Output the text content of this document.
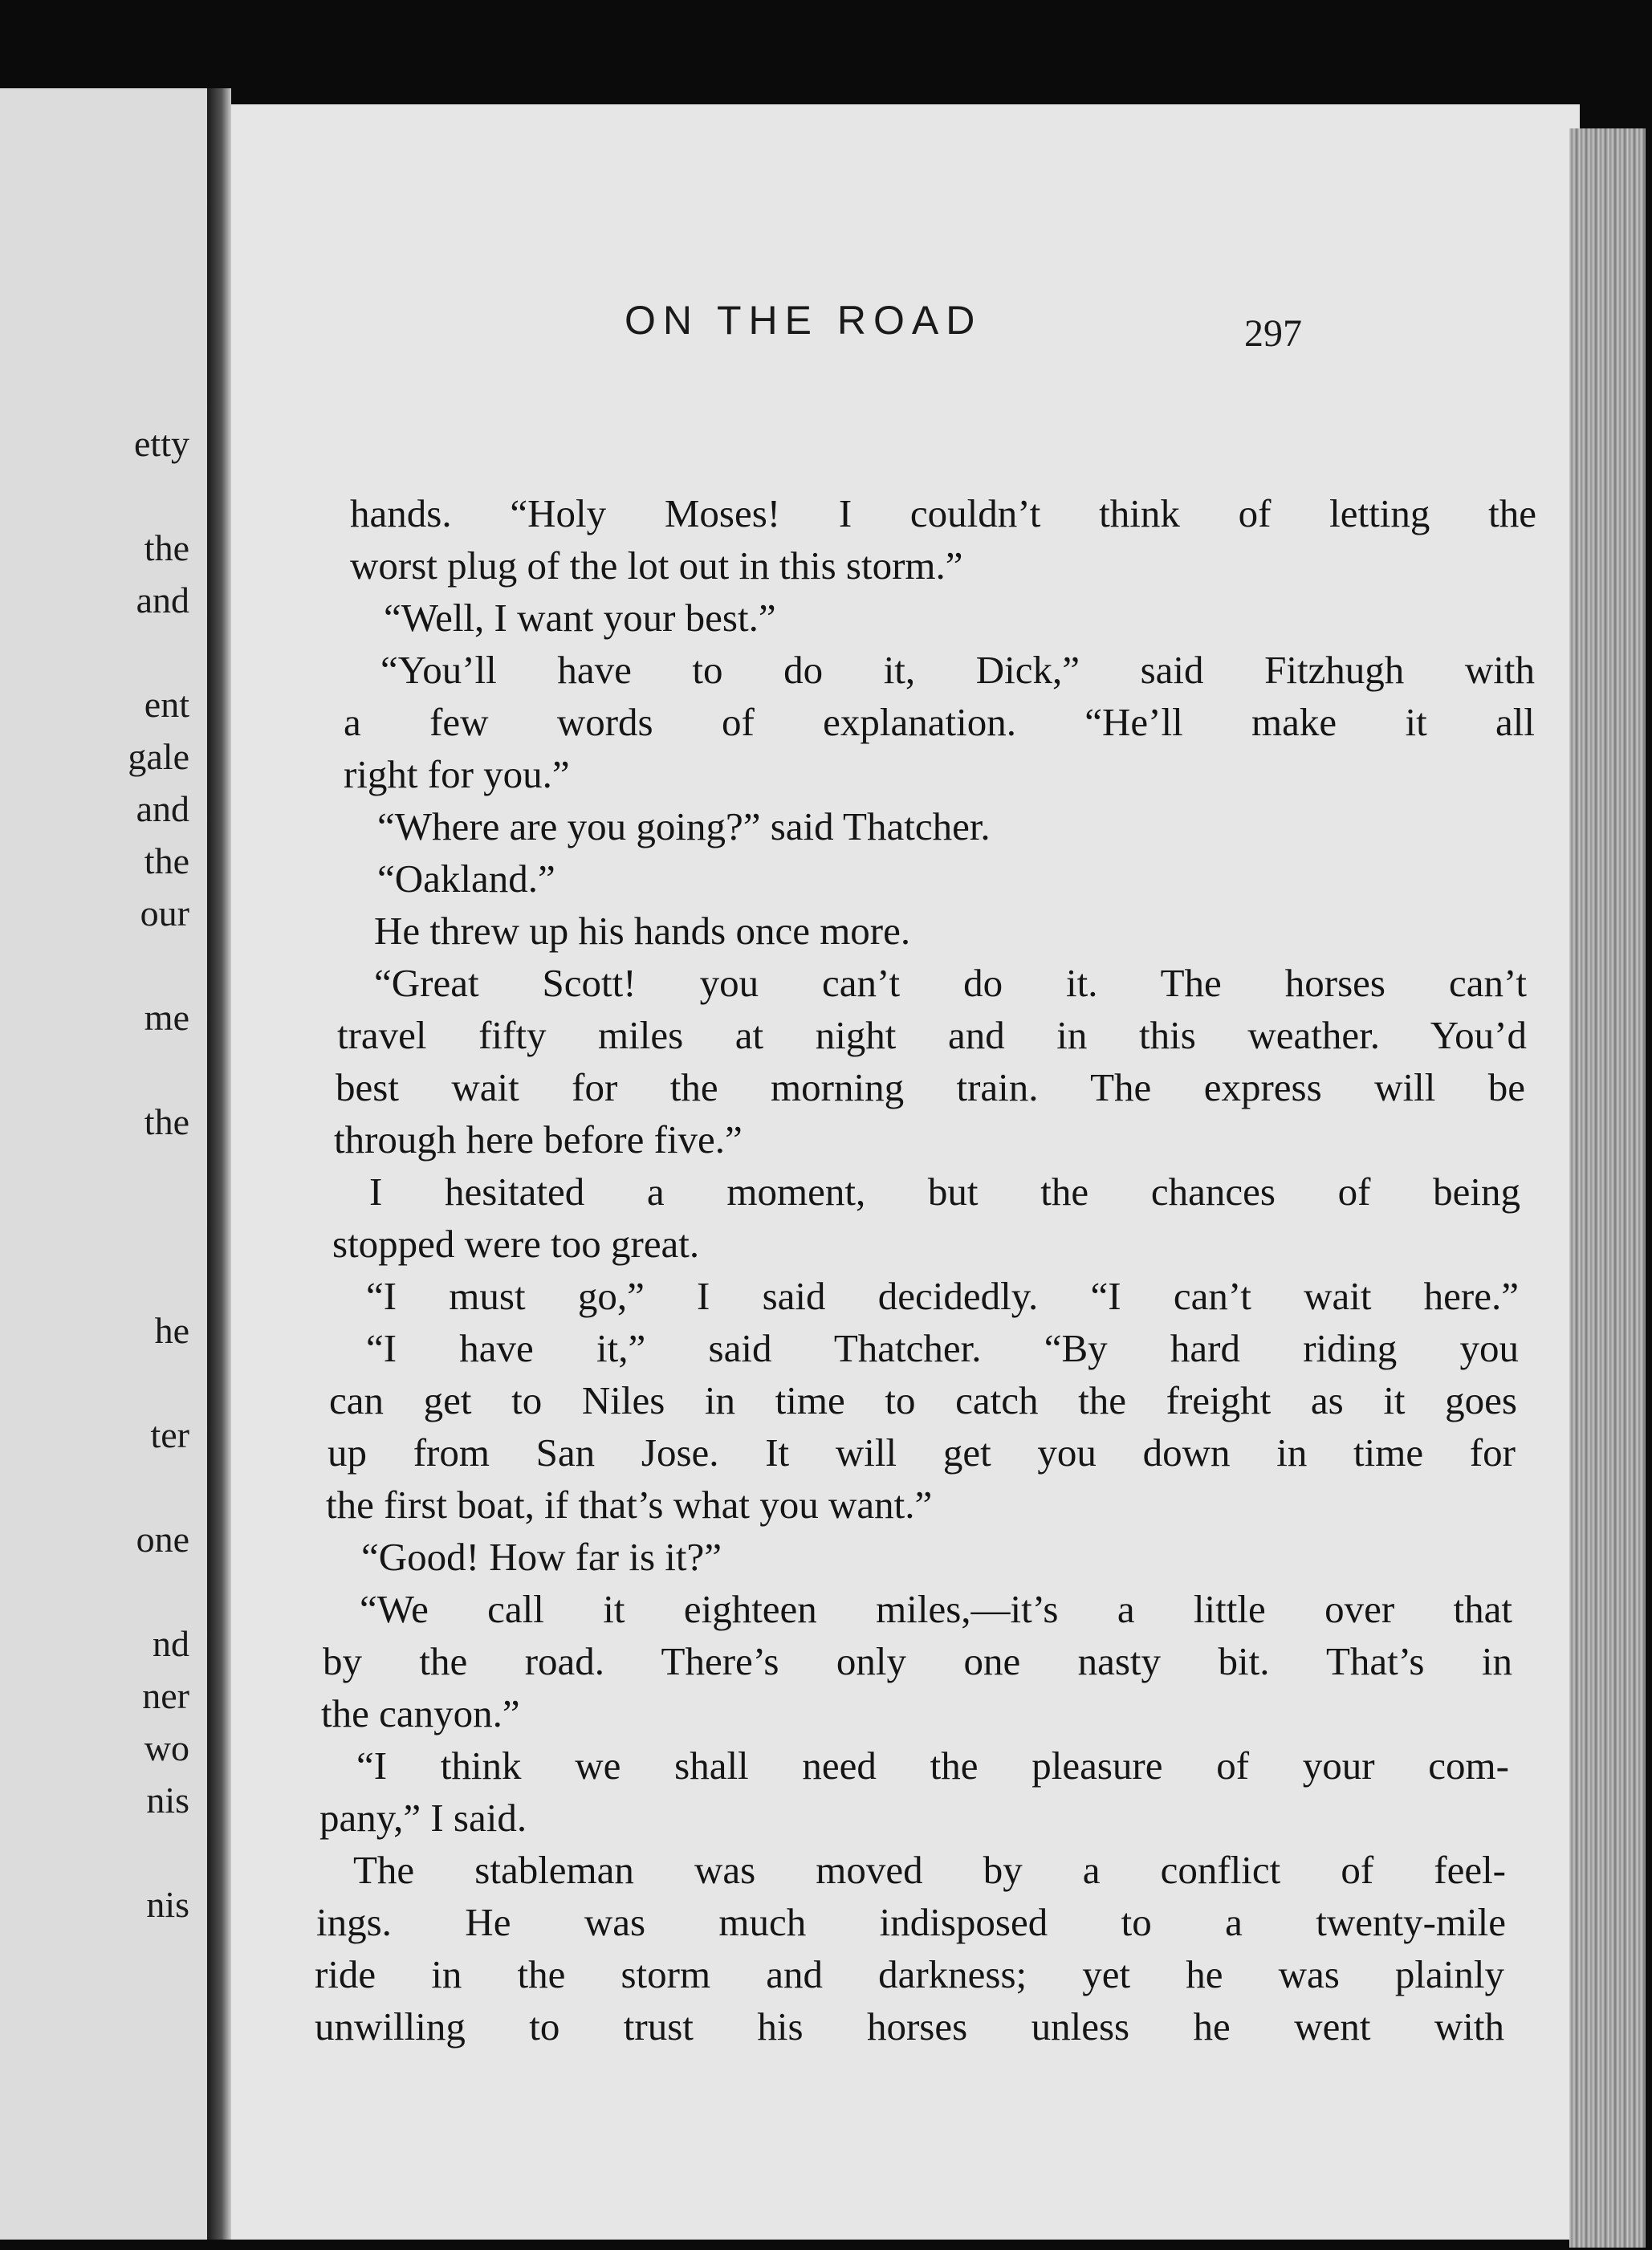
etty
the
and
ent
gale
and
the
our
me
the
he
ter
one
nd
ner
wo
nis
nis
ON THE ROAD	297
hands. “Holy Moses! I couldn’t think of letting the
worst plug of the lot out in this storm.”
“Well, I want your best.”
“You’ll have to do it, Dick,” said Fitzhugh with
a few words of explanation. “He’ll make it all
right for you.”
“Where are you going?” said Thatcher.
“Oakland.”
He threw up his hands once more.
“Great Scott! you can’t do it. The horses can’t
travel fifty miles at night and in this weather. You’d
best wait for the morning train. The express will be
through here before five.”
I hesitated a moment, but the chances of being
stopped were too great.
“I must go,” I said decidedly. “I can’t wait here.”
“I have it,” said Thatcher. “By hard riding you
can get to Niles in time to catch the freight as it goes
up from San Jose. It will get you down in time for
the first boat, if that’s what you want.”
“Good! How far is it?”
“We call it eighteen miles,—it’s a little over that
by the road. There’s only one nasty bit. That’s in
the canyon.”
“I think we shall need the pleasure of your com-
pany,” I said.
The stableman was moved by a conflict of feel-
ings. He was much indisposed to a twenty-mile
ride in the storm and darkness; yet he was plainly
unwilling to trust his horses unless he went with
